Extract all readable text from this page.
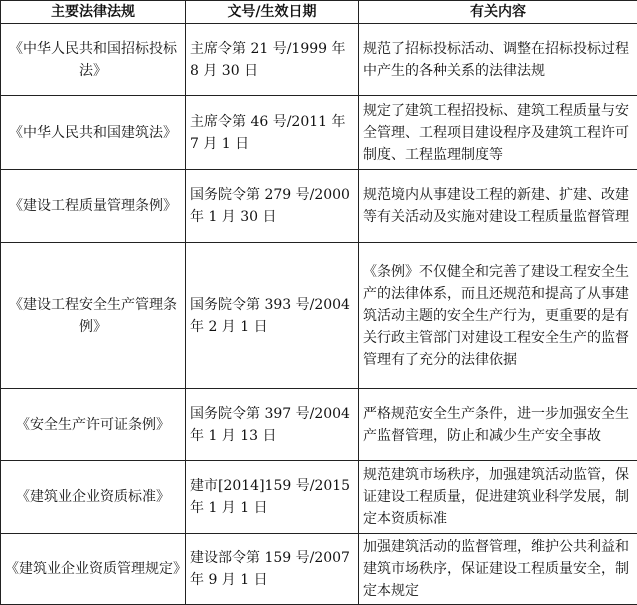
主要法律法规	文号/生效日期	有关内容
《中华人民共和国招标投标法》	主席令第 21 号/1999 年 8 月 30 日	规范了招标投标活动、调整在招标投标过程中产生的各种关系的法律法规
《中华人民共和国建筑法》	主席令第 46 号/2011 年 7 月 1 日	规定了建筑工程招投标、建筑工程质量与安全管理、工程项目建设程序及建筑工程许可制度、工程监理制度等
《建设工程质量管理条例》	国务院令第 279 号/2000 年 1 月 30 日	规范境内从事建设工程的新建、扩建、改建等有关活动及实施对建设工程质量监督管理
《建设工程安全生产管理条例》	国务院令第 393 号/2004 年 2 月 1 日	《条例》不仅健全和完善了建设工程安全生产的法律体系，而且还规范和提高了从事建筑活动主题的安全生产行为，更重要的是有关行政主管部门对建设工程安全生产的监督管理有了充分的法律依据
《安全生产许可证条例》	国务院令第 397 号/2004 年 1 月 13 日	严格规范安全生产条件，进一步加强安全生产监督管理，防止和减少生产安全事故
《建筑业企业资质标准》	建市[2014]159 号/2015 年 1 月 1 日	规范建筑市场秩序，加强建筑活动监管，保证建设工程质量，促进建筑业科学发展，制定本资质标准
《建筑业企业资质管理规定》	建设部令第 159 号/2007 年 9 月 1 日	加强建筑活动的监督管理，维护公共利益和建筑市场秩序，保证建设工程质量安全，制定本规定
